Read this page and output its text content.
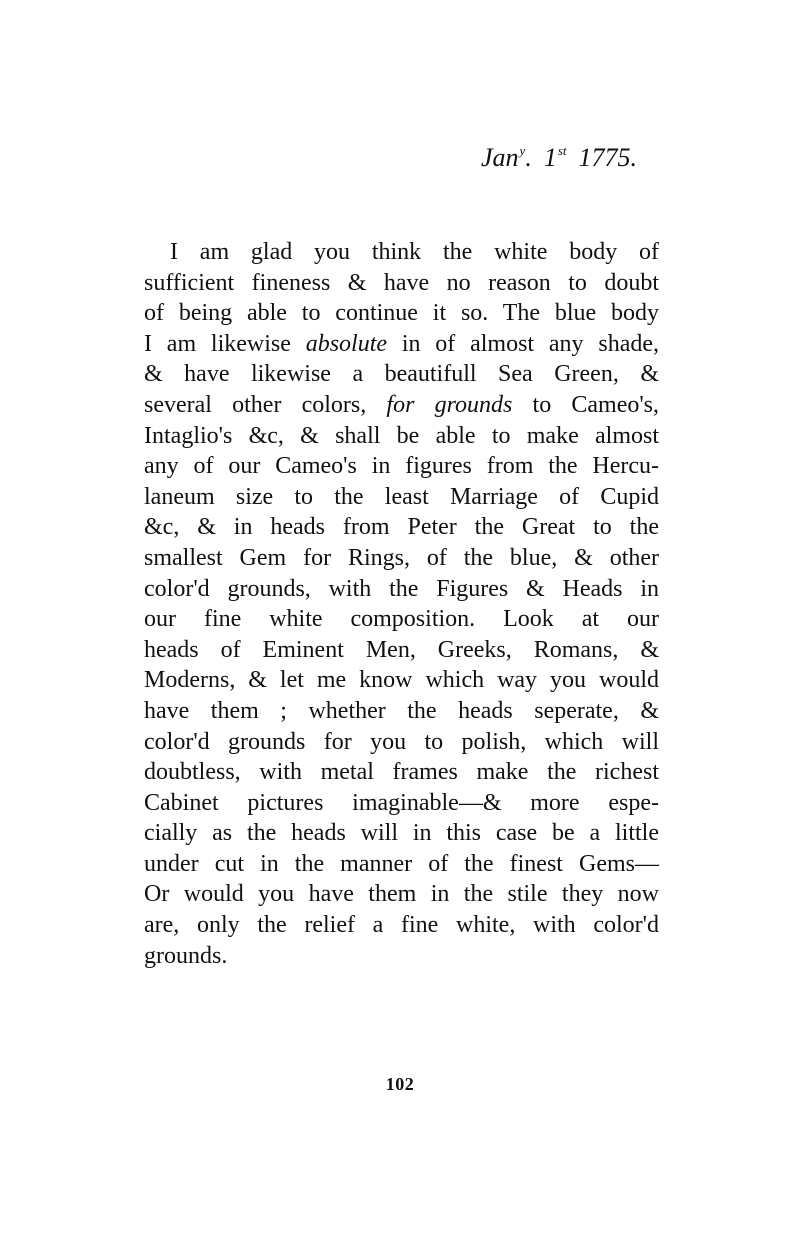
Jan$^y$. 1st 1775.
I am glad you think the white body of
sufficient fineness & have no reason to doubt
of being able to continue it so. The blue body
I am likewise absolute in of almost any shade,
& have likewise a beautifull Sea Green, &
several other colors, for grounds to Cameo's,
Intaglio's &c, & shall be able to make almost
any of our Cameo's in figures from the Hercu-
laneum size to the least Marriage of Cupid
&c, & in heads from Peter the Great to the
smallest Gem for Rings, of the blue, & other
color'd grounds, with the Figures & Heads in
our fine white composition. Look at our
heads of Eminent Men, Greeks, Romans, &
Moderns, & let me know which way you would
have them ; whether the heads seperate, &
color'd grounds for you to polish, which will
doubtless, with metal frames make the richest
Cabinet pictures imaginable—& more espe-
cially as the heads will in this case be a little
under cut in the manner of the finest Gems—
Or would you have them in the stile they now
are, only the relief a fine white, with color'd
grounds.
102
